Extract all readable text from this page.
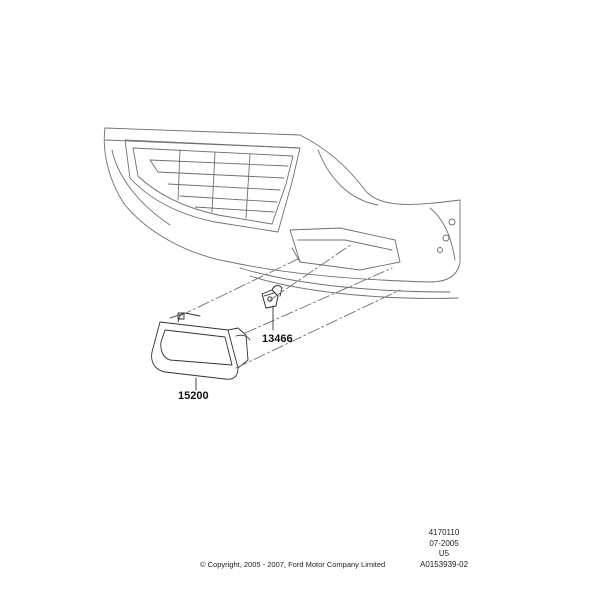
13466
15200
4170110
07-2005
U5
A0153939-02
© Copyright, 2005 - 2007, Ford Motor Company Limited
